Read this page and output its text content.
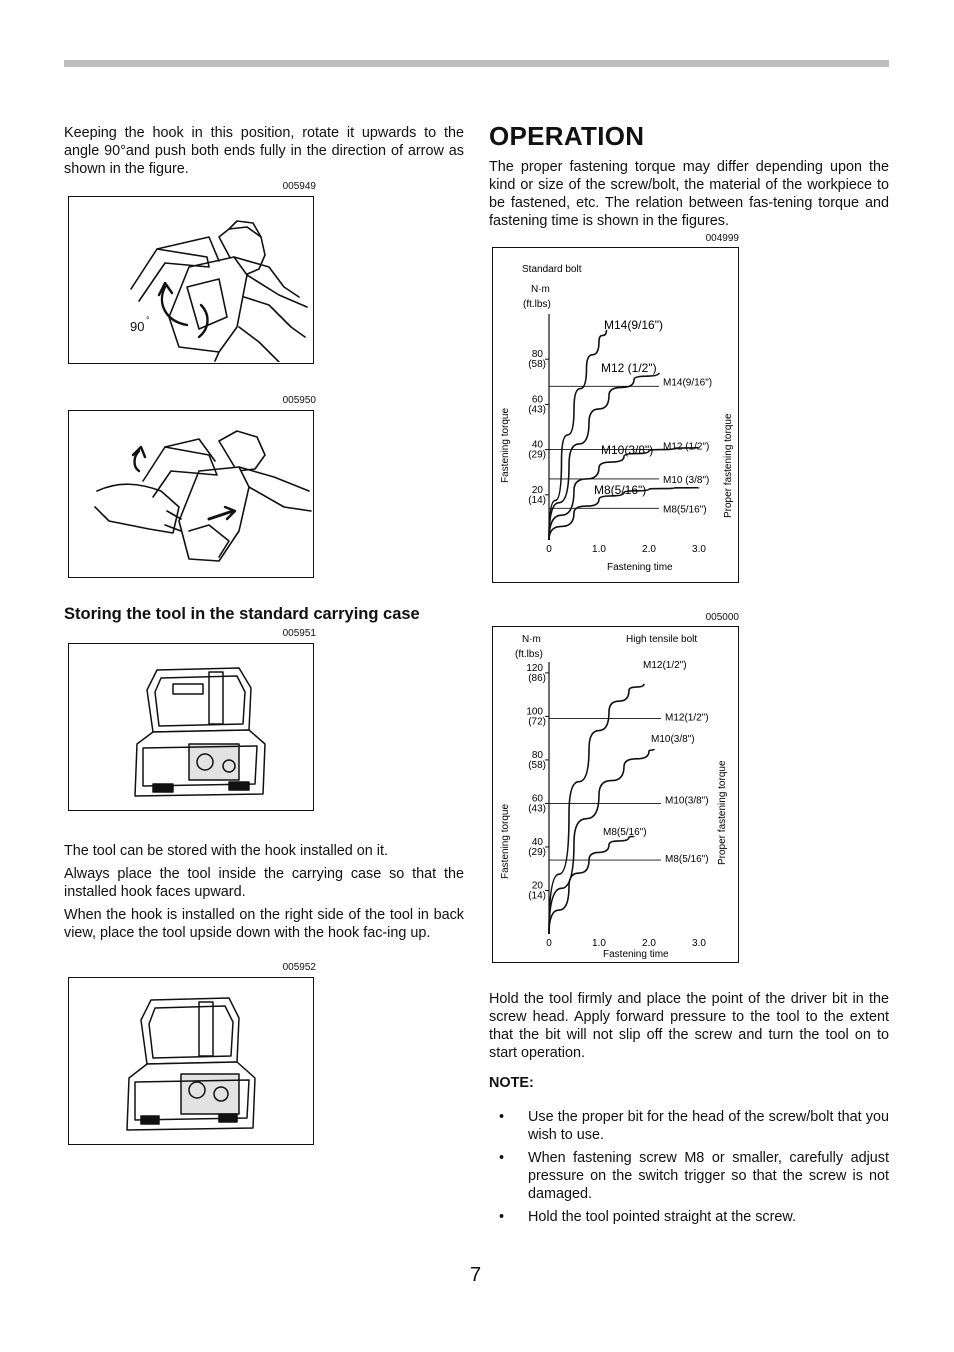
Keeping the hook in this position, rotate it upwards to the angle 90°and push both ends fully in the direction of arrow as shown in the figure.

005949
90 °
005950
Storing the tool in the standard carrying case
005951

The tool can be stored with the hook installed on it.

Always place the tool inside the carrying case so that the installed hook faces upward.

When the hook is installed on the right side of the tool in back view, place the tool upside down with the hook fac-ing up.

005952
OPERATION

The proper fastening torque may differ depending upon the kind or size of the screw/bolt, the material of the workpiece to be fastened, etc. The relation between fas-tening torque and fastening time is shown in the figures.

004999
Standard bolt
N·m
(ft.lbs)
Fastening time
Fastening torque	Proper fastening torque
80
(58)
60
(43)
40
(29)
20
(14)
0	1.0	2.0	3.0
M14(9/16")
M12 (1/2")
M10 (3/8")
M8(5/16")
M14(9/16")
M12 (1/2")
M10(3/8")
M8(5/16")
005000
High tensile bolt
N·m
(ft.lbs)
Fastening time
Fastening torque	Proper fastening torque
120
(86)
100
(72)
80
(58)
60
(43)
40
(29)
20
(14)
0	1.0	2.0	3.0
M12(1/2")
M10(3/8")
M8(5/16")
M12(1/2")
M10(3/8")
M8(5/16")

Hold the tool firmly and place the point of the driver bit in the screw head. Apply forward pressure to the tool to the extent that the bit will not slip off the screw and turn the tool on to start operation.

NOTE:
• Use the proper bit for the head of the screw/bolt that you wish to use.
• When fastening screw M8 or smaller, carefully adjust pressure on the switch trigger so that the screw is not damaged.
• Hold the tool pointed straight at the screw.
7
